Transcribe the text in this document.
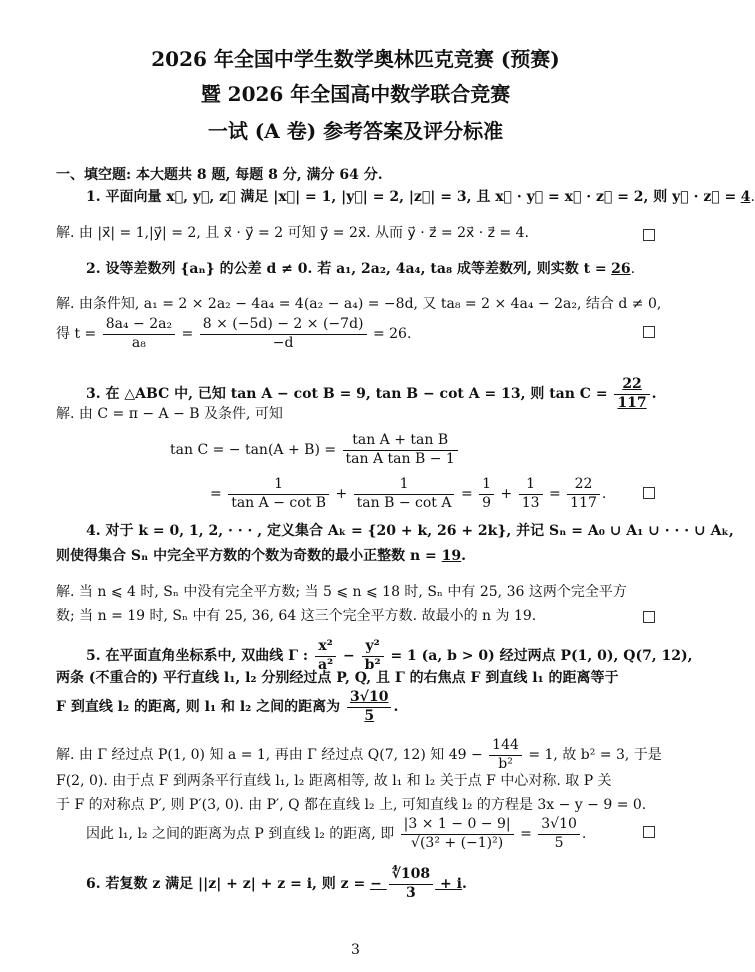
2026 年全国中学生数学奥林匹克竞赛 (预赛)
暨 2026 年全国高中数学联合竞赛
一试 (A 卷) 参考答案及评分标准
一、填空题: 本大题共 8 题, 每题 8 分, 满分 64 分.
1. 平面向量 x⃗, y⃗, z⃗ 满足 |x⃗| = 1, |y⃗| = 2, |z⃗| = 3, 且 x⃗ · y⃗ = x⃗ · z⃗ = 2, 则 y⃗ · z⃗ = 4.
解. 由 |x⃗| = 1,|y⃗| = 2, 且 x⃗ · y⃗ = 2 可知 y⃗ = 2x⃗. 从而 y⃗ · z⃗ = 2x⃗ · z⃗ = 4.
2. 设等差数列 {aₙ} 的公差 d ≠ 0. 若 a₁, 2a₂, 4a₄, ta₈ 成等差数列, 则实数 t = 26.
解. 由条件知, a₁ = 2 × 2a₂ − 4a₄ = 4(a₂ − a₄) = −8d, 又 ta₈ = 2 × 4a₄ − 2a₂, 结合 d ≠ 0,
得 $t = \frac{\text{8a₄ − 2a₂}}{\text{a₈}} = \frac{8 \times (-5d) - 2 \times (-7d)}{-d} = 26$.
3. 在 △ABC 中, 已知 tan A − cot B = 9, tan B − cot A = 13, 则 $\tan C = \frac{22}{117}$ .
解. 由 C = π − A − B 及条件, 可知
tan C = − $\tan(A + B) = \frac{\text{tan A + tan B}}{\text{tan A tan B − 1}}$
= $\frac{1}{\text{tan A − cot B}} + \frac{1}{\text{tan B − cot A}} = \frac{1}{9} + \frac{1}{13} = \frac{22}{117}$ .
4. 对于 k = 0, 1, 2, · · · , 定义集合 Aₖ = {20 + k, 26 + 2k}, 并记 Sₙ = A₀ ∪ A₁ ∪ · · · ∪ Aₖ,
则使得集合 Sₙ 中完全平方数的个数为奇数的最小正整数 n = 19.
解. 当 n ⩽ 4 时, Sₙ 中没有完全平方数; 当 5 ⩽ n ⩽ 18 时, Sₙ 中有 25, 36 这两个完全平方
数; 当 n = 19 时, Sₙ 中有 25, 36, 64 这三个完全平方数. 故最小的 n 为 19.
5. 在平面直角坐标系中, 双曲线 Γ : $\frac{\text{x²}}{\text{a²}} - \frac{\text{y²}}{\text{b²}} = 1$ (a, b > 0) 经过两点 P(1, 0), Q(7, 12),
两条 (不重合的) 平行直线 l₁, l₂ 分别经过点 P, Q, 且 Γ 的右焦点 F 到直线 l₁ 的距离等于
F 到直线 l₂ 的距离, 则 l₁ 和 l₂ 之间的距离为 $\frac{3√10}{5}$ .
解. 由 Γ 经过点 P(1, 0) 知 a = 1, 再由 Γ 经过点 Q(7, 12) 知 $49 - \frac{144}{\text{b²}} = 1$, 故 b² = 3, 于是
F(2, 0). 由于点 F 到两条平行直线 l₁, l₂ 距离相等, 故 l₁ 和 l₂ 关于点 F 中心对称. 取 P 关
于 F 的对称点 P′, 则 P′(3, 0). 由 P′, Q 都在直线 l₂ 上, 可知直线 l₂ 的方程是 3x − y − 9 = 0.
因此 l₁, l₂ 之间的距离为点 P 到直线 l₂ 的距离, 即 $\frac{|3 \times 1 - 0 - 9|}{\text{√(3² + (−1)²)}} = \frac{3√10}{5}$ .
6. 若复数 z 满足 ||z| + z| + z = i, 则 z = − $\frac{∜108}{3} + i$.
3
